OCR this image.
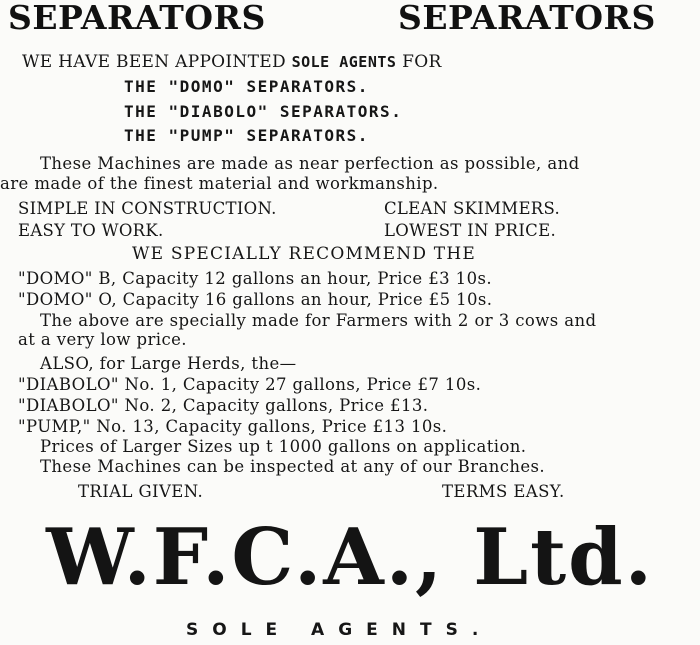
SEPARATORS	SEPARATORS
WE HAVE BEEN APPOINTED SOLE AGENTS FOR
THE "DOMO" SEPARATORS.
THE "DIABOLO" SEPARATORS.
THE "PUMP" SEPARATORS.
These Machines are made as near perfection as possible, and
are made of the finest material and workmanship.
SIMPLE IN CONSTRUCTION.	CLEAN SKIMMERS.
EASY TO WORK.	LOWEST IN PRICE.
WE SPECIALLY RECOMMEND THE
"DOMO" B, Capacity 12 gallons an hour, Price £3 10s.
"DOMO" O, Capacity 16 gallons an hour, Price £5 10s.
The above are specially made for Farmers with 2 or 3 cows and
at a very low price.
ALSO, for Large Herds, the—
"DIABOLO" No. 1, Capacity 27 gallons, Price £7 10s.
"DIABOLO" No. 2, Capacity gallons, Price £13.
"PUMP," No. 13, Capacity gallons, Price £13 10s.
Prices of Larger Sizes up t 1000 gallons on application.
These Machines can be inspected at any of our Branches.
TRIAL GIVEN.	TERMS EASY.
W.F.C.A., Ltd.
SOLE AGENTS.
